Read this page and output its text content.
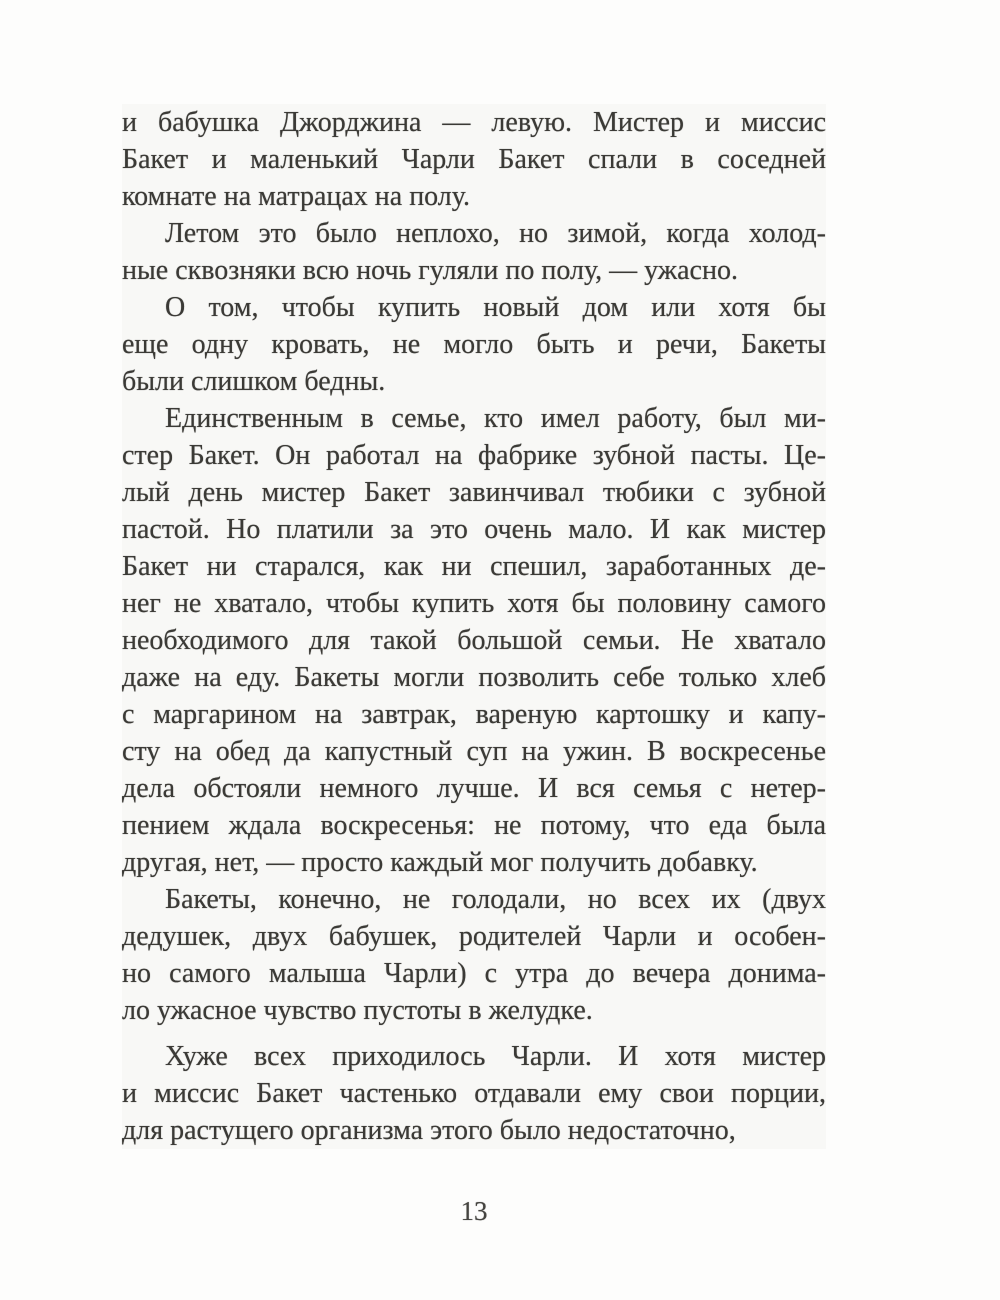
и бабушка Джорджина — левую. Мистер и миссис
Бакет и маленький Чарли Бакет спали в соседней
комнате на матрацах на полу.
Летом это было неплохо, но зимой, когда холод-
ные сквозняки всю ночь гуляли по полу, — ужасно.
О том, чтобы купить новый дом или хотя бы
еще одну кровать, не могло быть и речи, Бакеты
были слишком бедны.
Единственным в семье, кто имел работу, был ми-
стер Бакет. Он работал на фабрике зубной пасты. Це-
лый день мистер Бакет завинчивал тюбики с зубной
пастой. Но платили за это очень мало. И как мистер
Бакет ни старался, как ни спешил, заработанных де-
нег не хватало, чтобы купить хотя бы половину самого
необходимого для такой большой семьи. Не хватало
даже на еду. Бакеты могли позволить себе только хлеб
с маргарином на завтрак, вареную картошку и капу-
сту на обед да капустный суп на ужин. В воскресенье
дела обстояли немного лучше. И вся семья с нетер-
пением ждала воскресенья: не потому, что еда была
другая, нет, — просто каждый мог получить добавку.
Бакеты, конечно, не голодали, но всех их (двух
дедушек, двух бабушек, родителей Чарли и особен-
но самого малыша Чарли) с утра до вечера донима-
ло ужасное чувство пустоты в желудке.
Хуже всех приходилось Чарли. И хотя мистер
и миссис Бакет частенько отдавали ему свои порции,
для растущего организма этого было недостаточно,
13
